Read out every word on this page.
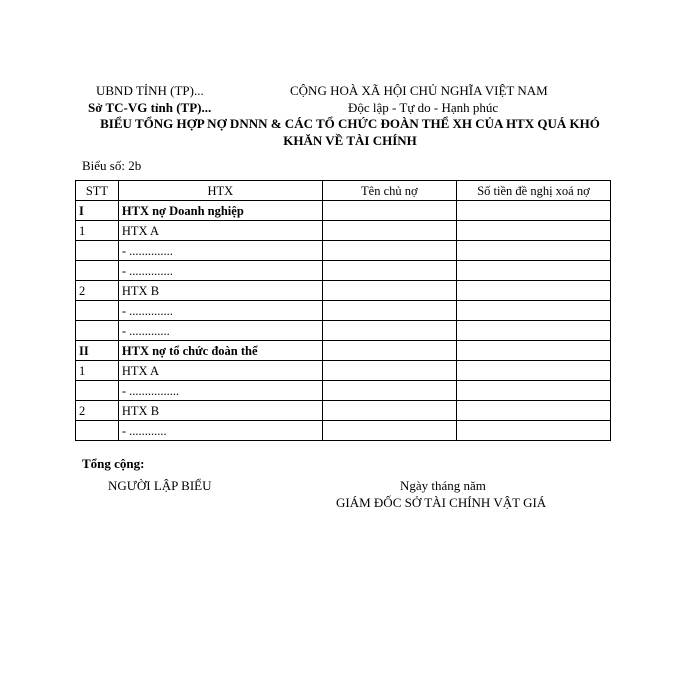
UBND TỈNH (TP)...
Sở TC-VG tỉnh (TP)...
CỘNG HOÀ XÃ HỘI CHỦ NGHĨA VIỆT NAM
Độc lập - Tự do - Hạnh phúc
BIỂU TỔNG HỢP NỢ DNNN & CÁC TỔ CHỨC ĐOÀN THỂ XH CỦA HTX QUÁ KHÓ
KHĂN VỀ TÀI CHÍNH
Biểu số: 2b
STT	HTX	Tên chủ nợ	Số tiền đề nghị xoá nợ
I	HTX nợ Doanh nghiệp		
1	HTX A		
	- ..............		
	- ..............		
2	HTX B		
	- ..............		
	- .............		
II	HTX nợ tổ chức đoàn thể		
1	HTX A		
	- ................		
2	HTX B		
	- ............		
Tổng cộng:
NGƯỜI LẬP BIỂU	Ngày tháng năm
GIÁM ĐỐC SỞ TÀI CHÍNH VẬT GIÁ
